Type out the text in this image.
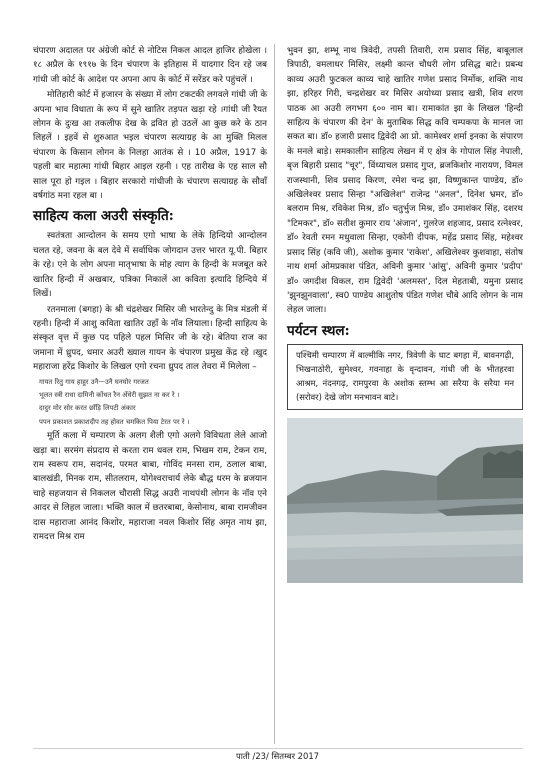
चंपारण अदालत पर अंग्रेजी कोर्ट से नोटिस निकल आदल हाजिर होखेला । १८ अप्रैल के १९१७ के दिन चंपारण के इतिहास में यादगार दिन रहे जब गांधी जी कोर्ट के आदेश पर अपना आप के कोर्ट में सरेंडर करे पहुंचलें ।

मोतिहारी कोर्ट में हजारन के संख्या में लोग टकटकी लगवले गांधी जी के अपना भाव विधाता के रूप में सुने खातिर तड़पत खड़ा रहे ।गांधी जी रैयत लोगन के दुःख आ तकलीफ देख के द्रवित हो उठलें आ कुछ करे के ठान लिहलें । इहवें से शुरुआत भइल चंपारण सत्याग्रह के आ मुक्ति मिलल चंपारण के किसान लोगन के निलहा आतंक से । 10 अप्रैल, 1917 के पहली बार महात्मा गांधी बिहार आइल रहनी । एह तारीख के एह साल सौ साल पूरा हो गइल । बिहार सरकारो गांधीजी के चंपारण सत्याग्रह के सौवाँ वर्षगांठ मना रहल बा ।

साहित्य कला अउरी संस्कृति:

स्वतंत्रता आन्दोलन के समय एगो भाषा के लेके हिन्दियो आन्दोलन चलत रहे, जवना के बल देवे में सर्वाधिक जोगदान उत्तर भारत यू.पी. बिहार के रहे। एने के लोग अपना मातृभाषा के मोह त्याग के हिन्दी के मजबूत करे खातिर हिन्दी में अखबार, पत्रिका निकालें आ कविता इत्यादि हिन्दिये में लिखें।

रतनमाला (बगहा) के श्री चंद्रशेखर मिसिर जी भारतेन्दु के मित्र मंडली में रहनी। हिन्दी में आशु कविता खातिर उहाँ के नॉव लियाला। हिन्दी साहित्य के संस्कृत वृत्त में कुछ पद पहिले पहल मिसिर जी के रहे। बेतिया राज का जमाना में ध्रुपद, धमार अउरी ख्याल गायन के चंपारण प्रमुख केंद्र रहे ।खुद महाराजा हरेंद्र किशोर के लिखल एगो रचना ध्रुपद ताल तेवरा में मिलेला –

गायत रितु गाय हाहुर उनै—उनै घनघोर गरजत
भूलत स्त्री राधा दामिनी कोंधत रैन अँधेरी सुझत ना कर रे ।
दादुर मोर सोर करत छाँड़ि लिपटी अंकार
पपन प्रकाशत प्रकाशदीप तह होवत चमकित पिया टेरत पर रे ।

मूर्ति कला में चम्पारण के अलग शैली एगो अलगे विविधता लेले आजो खड़ा बा। सरमंग संप्रदाय से करता राम धवल राम, भिखम राम, टेकन राम, राम स्वरूप राम, सदानंद, परमत बाबा, गोविंद मनसा राम, ठलाल बाबा, बालखंडी, मिनक राम, सीतलराम, योगेश्वराचार्य लेके बौद्ध धरम के ब्रजयान चाहे सहजयान से निकलल चौरासी सिद्ध अउरी नाथपंथी लोगन के नॉव एने आदर से लिहल जाला। भक्ति काल में छतरबाबा, केसोनाथ, बाबा रामजीवन दास महाराजा आनंद किशोर, महाराजा नवल किशोर सिंह अमृत नाथ झा, रामदत्त मिश्र राम

भुवन झा, शम्भू नाथ त्रिवेदी, तपसी तिवारी, राम प्रसाद सिंह, बाबूलाल त्रिपाठी, वमलाधर मिसिर, लक्ष्मी कान्त चौधरी लोग प्रसिद्ध बाटे। प्रबन्ध काव्य अउरी फुटकल काव्य चाहे खातिर गणेश प्रसाद निर्मोक, शक्ति नाथ झा, हरिहर गिरी, चन्द्रशेखर वर मिसिर अयोध्या प्रसाद खत्री, शिव शरण पाठक आ अउरी लगभग ६०० नाम बा। रामाकांत झा के लिखल 'हिन्दी साहित्य के चंपारण की देन' के मुताबिक सिद्ध कवि चम्पकपा के मानल जा सकत बा। डॉ० हजारी प्रसाद द्विवेदी आ प्रो. कामेश्वर शर्मा इनका के संपारण के मनले बाड़े। समकालीन साहित्य लेखन में ए क्षेत्र के गोपाल सिंह नेपाली, बृज बिहारी प्रसाद "चूर", विंध्याचल प्रसाद गुप्त, ब्रजकिशोर नारायण, विमल राजस्थानी, शिव प्रसाद किरण, रमेश चन्द्र झा, विष्णुकान्त पाण्डेय, डॉ० अखिलेश्वर प्रसाद सिन्हा "अखिलेश" राजेन्द्र "अनल", दिनेश भ्रमर, डॉ० बलराम मिश्र, रविकेश मिश्र, डॉ० चतुर्भुज मिश्र, डॉ० उमाशंकर सिंह, दशरथ "टिमकर", डॉ० सतीश कुमार राय 'अंजान', गुलरेज शहजाद, प्रसाद रत्नेश्वर, डॉ० रेवती रमन मधुवाला सिन्हा, एकोनी दीपक, महेंद्र प्रसाद सिंह, महेश्वर प्रसाद सिंह (कवि जी), अशोक कुमार 'राकेश', अखिलेश्वर कुशवाहा, संतोष नाथ शर्मा ओमप्रकाश पंडित, अविनी कुमार 'आंसु', अविनी कुमार 'प्रदीप' डॉ० जगदीश विकल, राम द्विवेदी 'अलमस्त', दिल मेहताबी, यमुना प्रसाद 'झुनझुनवाला', स्व0 पाण्डेय आशुतोष पंडित गणेश चौबे आदि लोगन के नाम लेहल जाला।

पर्यटन स्थल:
पश्चिमी चम्पारण में बाल्मीकि नगर, त्रिवेणी के घाट बगहा में, बावनगढ़ी, भिखनाठोरी, सुमेश्वर, गवनाहा के वृन्दावन, गांधी जी के भीतहरवा आश्रम, नंदनगढ़, रामपुरवा के अशोक स्तम्भ आ सरैया के सरैया मन (सरोवर) देखे जोग मनभावन बाटे।
पाती /23/ सितम्बर 2017
